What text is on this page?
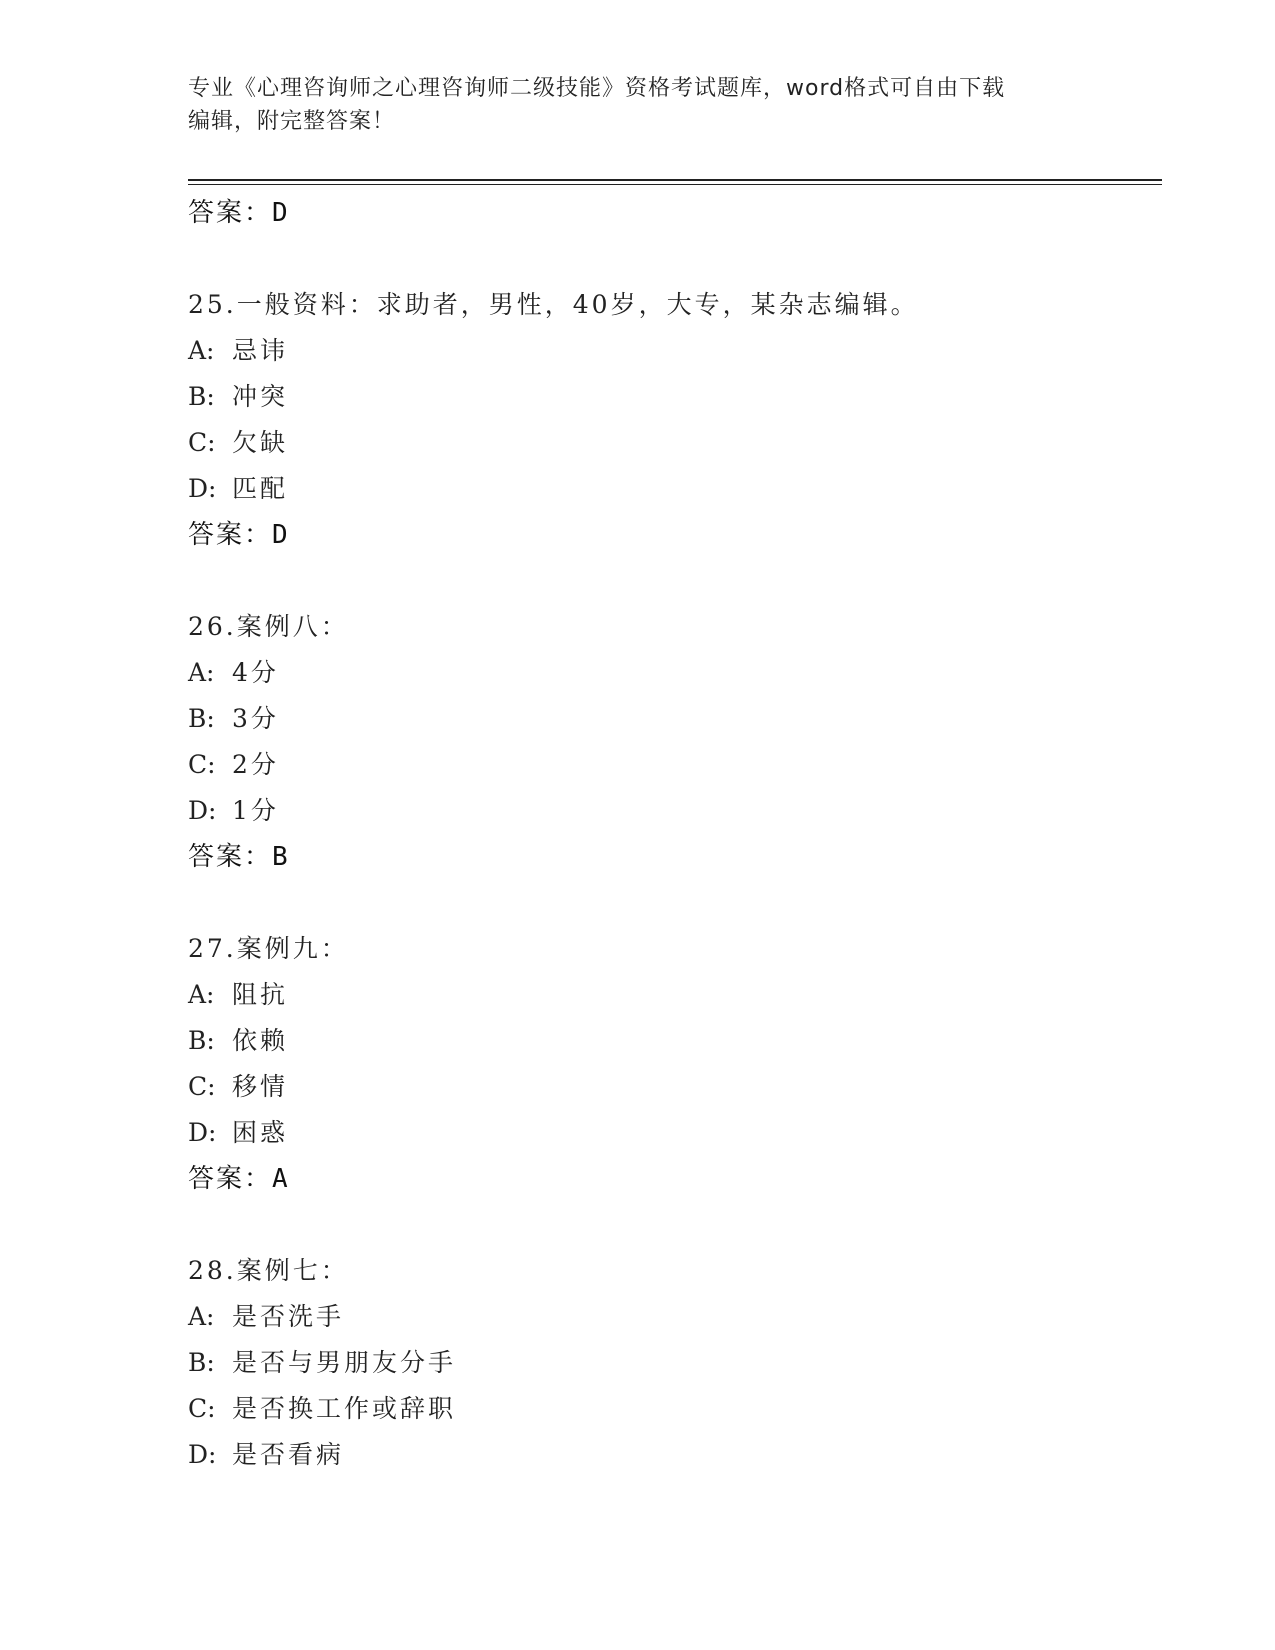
专业《心理咨询师之心理咨询师二级技能》资格考试题库，word格式可自由下载
编辑，附完整答案！
答案：D
25.一般资料：求助者，男性，40岁，大专，某杂志编辑。
A: 忌讳
B: 冲突
C: 欠缺
D: 匹配
答案：D
26.案例八：
A: 4分
B: 3分
C: 2分
D: 1分
答案：B
27.案例九：
A: 阻抗
B: 依赖
C: 移情
D: 困惑
答案：A
28.案例七：
A: 是否洗手
B: 是否与男朋友分手
C: 是否换工作或辞职
D: 是否看病
